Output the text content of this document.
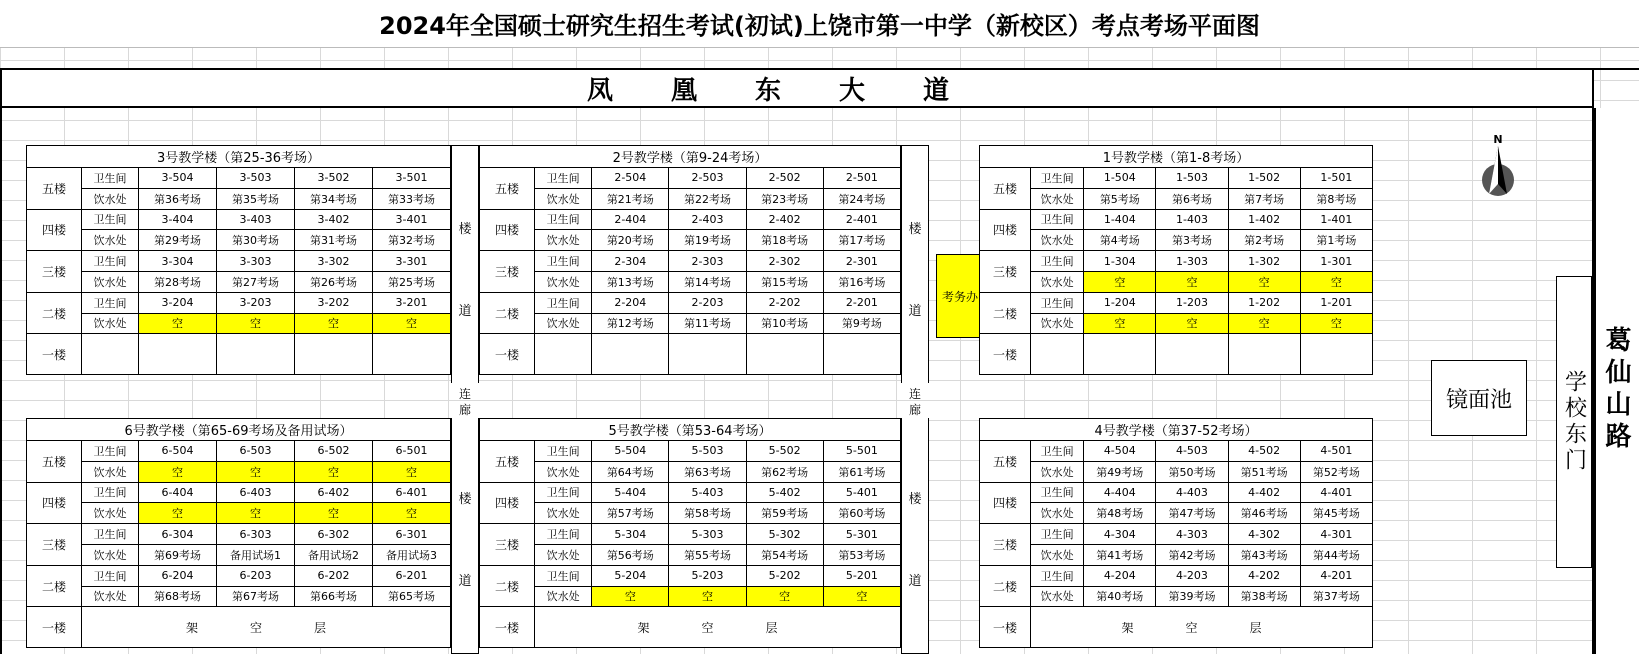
2024年全国硕士研究生招生考试(初试)上饶市第一中学（新校区）考点考场平面图
凤凰东大道
葛仙山路
学校东门
镜面池
N
楼
道
连
廊
楼
道
楼
道
连
廊
楼
道
考务办
3号教学楼（第25-36考场）					
五楼	卫生间	3-504	3-503	3-502	3-501
	饮水处	第36考场	第35考场	第34考场	第33考场
四楼	卫生间	3-404	3-403	3-402	3-401
	饮水处	第29考场	第30考场	第31考场	第32考场
三楼	卫生间	3-304	3-303	3-302	3-301
	饮水处	第28考场	第27考场	第26考场	第25考场
二楼	卫生间	3-204	3-203	3-202	3-201
	饮水处	空	空	空	空
一楼					
2号教学楼（第9-24考场）					
五楼	卫生间	2-504	2-503	2-502	2-501
	饮水处	第21考场	第22考场	第23考场	第24考场
四楼	卫生间	2-404	2-403	2-402	2-401
	饮水处	第20考场	第19考场	第18考场	第17考场
三楼	卫生间	2-304	2-303	2-302	2-301
	饮水处	第13考场	第14考场	第15考场	第16考场
二楼	卫生间	2-204	2-203	2-202	2-201
	饮水处	第12考场	第11考场	第10考场	第9考场
一楼					
1号教学楼（第1-8考场）					
五楼	卫生间	1-504	1-503	1-502	1-501
	饮水处	第5考场	第6考场	第7考场	第8考场
四楼	卫生间	1-404	1-403	1-402	1-401
	饮水处	第4考场	第3考场	第2考场	第1考场
三楼	卫生间	1-304	1-303	1-302	1-301
	饮水处	空	空	空	空
二楼	卫生间	1-204	1-203	1-202	1-201
	饮水处	空	空	空	空
一楼					
6号教学楼（第65-69考场及备用试场）					
五楼	卫生间	6-504	6-503	6-502	6-501
	饮水处	空	空	空	空
四楼	卫生间	6-404	6-403	6-402	6-401
	饮水处	空	空	空	空
三楼	卫生间	6-304	6-303	6-302	6-301
	饮水处	第69考场	备用试场1	备用试场2	备用试场3
二楼	卫生间	6-204	6-203	6-202	6-201
	饮水处	第68考场	第67考场	第66考场	第65考场
一楼	架　空　层				
5号教学楼（第53-64考场）					
五楼	卫生间	5-504	5-503	5-502	5-501
	饮水处	第64考场	第63考场	第62考场	第61考场
四楼	卫生间	5-404	5-403	5-402	5-401
	饮水处	第57考场	第58考场	第59考场	第60考场
三楼	卫生间	5-304	5-303	5-302	5-301
	饮水处	第56考场	第55考场	第54考场	第53考场
二楼	卫生间	5-204	5-203	5-202	5-201
	饮水处	空	空	空	空
一楼	架　空　层				
4号教学楼（第37-52考场）					
五楼	卫生间	4-504	4-503	4-502	4-501
	饮水处	第49考场	第50考场	第51考场	第52考场
四楼	卫生间	4-404	4-403	4-402	4-401
	饮水处	第48考场	第47考场	第46考场	第45考场
三楼	卫生间	4-304	4-303	4-302	4-301
	饮水处	第41考场	第42考场	第43考场	第44考场
二楼	卫生间	4-204	4-203	4-202	4-201
	饮水处	第40考场	第39考场	第38考场	第37考场
一楼	架　空　层				
